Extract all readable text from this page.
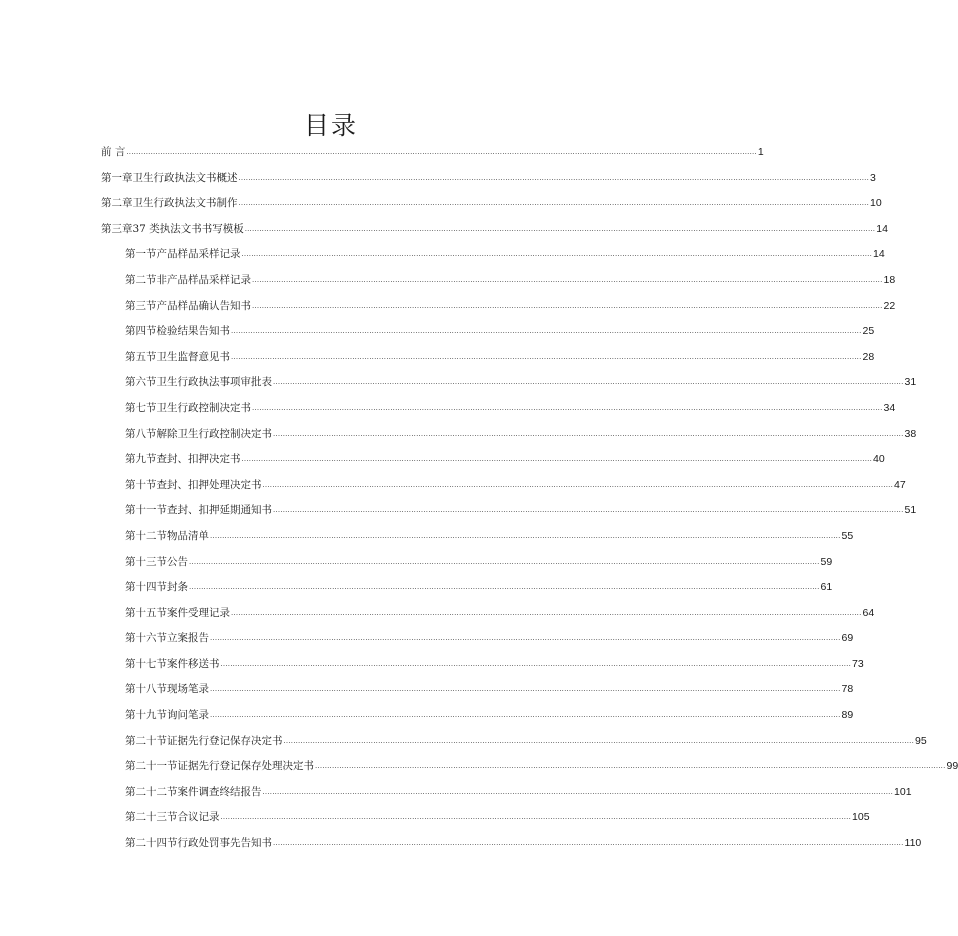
目录
前 言 .................................................................................................................................................................................................................................................................... 1
第一章 卫生行政执法文书概述 .................................................................................................................................................................................................................................................................... 3
第二章 卫生行政执法文书制作 .................................................................................................................................................................................................................................................................... 10
第三章 37 类执法文书书写模板 .................................................................................................................................................................................................................................................................... 14
第一节 产品样品采样记录 .................................................................................................................................................................................................................................................................... 14
第二节 非产品样品采样记录 .................................................................................................................................................................................................................................................................... 18
第三节 产品样品确认告知书 .................................................................................................................................................................................................................................................................... 22
第四节 检验结果告知书 .................................................................................................................................................................................................................................................................... 25
第五节 卫生监督意见书 .................................................................................................................................................................................................................................................................... 28
第六节 卫生行政执法事项审批表 .................................................................................................................................................................................................................................................................... 31
第七节 卫生行政控制决定书 .................................................................................................................................................................................................................................................................... 34
第八节 解除卫生行政控制决定书 .................................................................................................................................................................................................................................................................... 38
第九节 查封、扣押决定书 .................................................................................................................................................................................................................................................................... 40
第十节 查封、扣押处理决定书 .................................................................................................................................................................................................................................................................... 47
第十一节 查封、扣押延期通知书 .................................................................................................................................................................................................................................................................... 51
第十二节 物品清单 .................................................................................................................................................................................................................................................................... 55
第十三节 公告 .................................................................................................................................................................................................................................................................... 59
第十四节 封条 .................................................................................................................................................................................................................................................................... 61
第十五节 案件受理记录 .................................................................................................................................................................................................................................................................... 64
第十六节 立案报告 .................................................................................................................................................................................................................................................................... 69
第十七节 案件移送书 .................................................................................................................................................................................................................................................................... 73
第十八节 现场笔录 .................................................................................................................................................................................................................................................................... 78
第十九节 询问笔录 .................................................................................................................................................................................................................................................................... 89
第二十节 证据先行登记保存决定书 .................................................................................................................................................................................................................................................................... 95
第二十一节 证据先行登记保存处理决定书 .................................................................................................................................................................................................................................................................... 99
第二十二节 案件调查终结报告 .................................................................................................................................................................................................................................................................... 101
第二十三节 合议记录 .................................................................................................................................................................................................................................................................... 105
第二十四节 行政处罚事先告知书 .................................................................................................................................................................................................................................................................... 110
